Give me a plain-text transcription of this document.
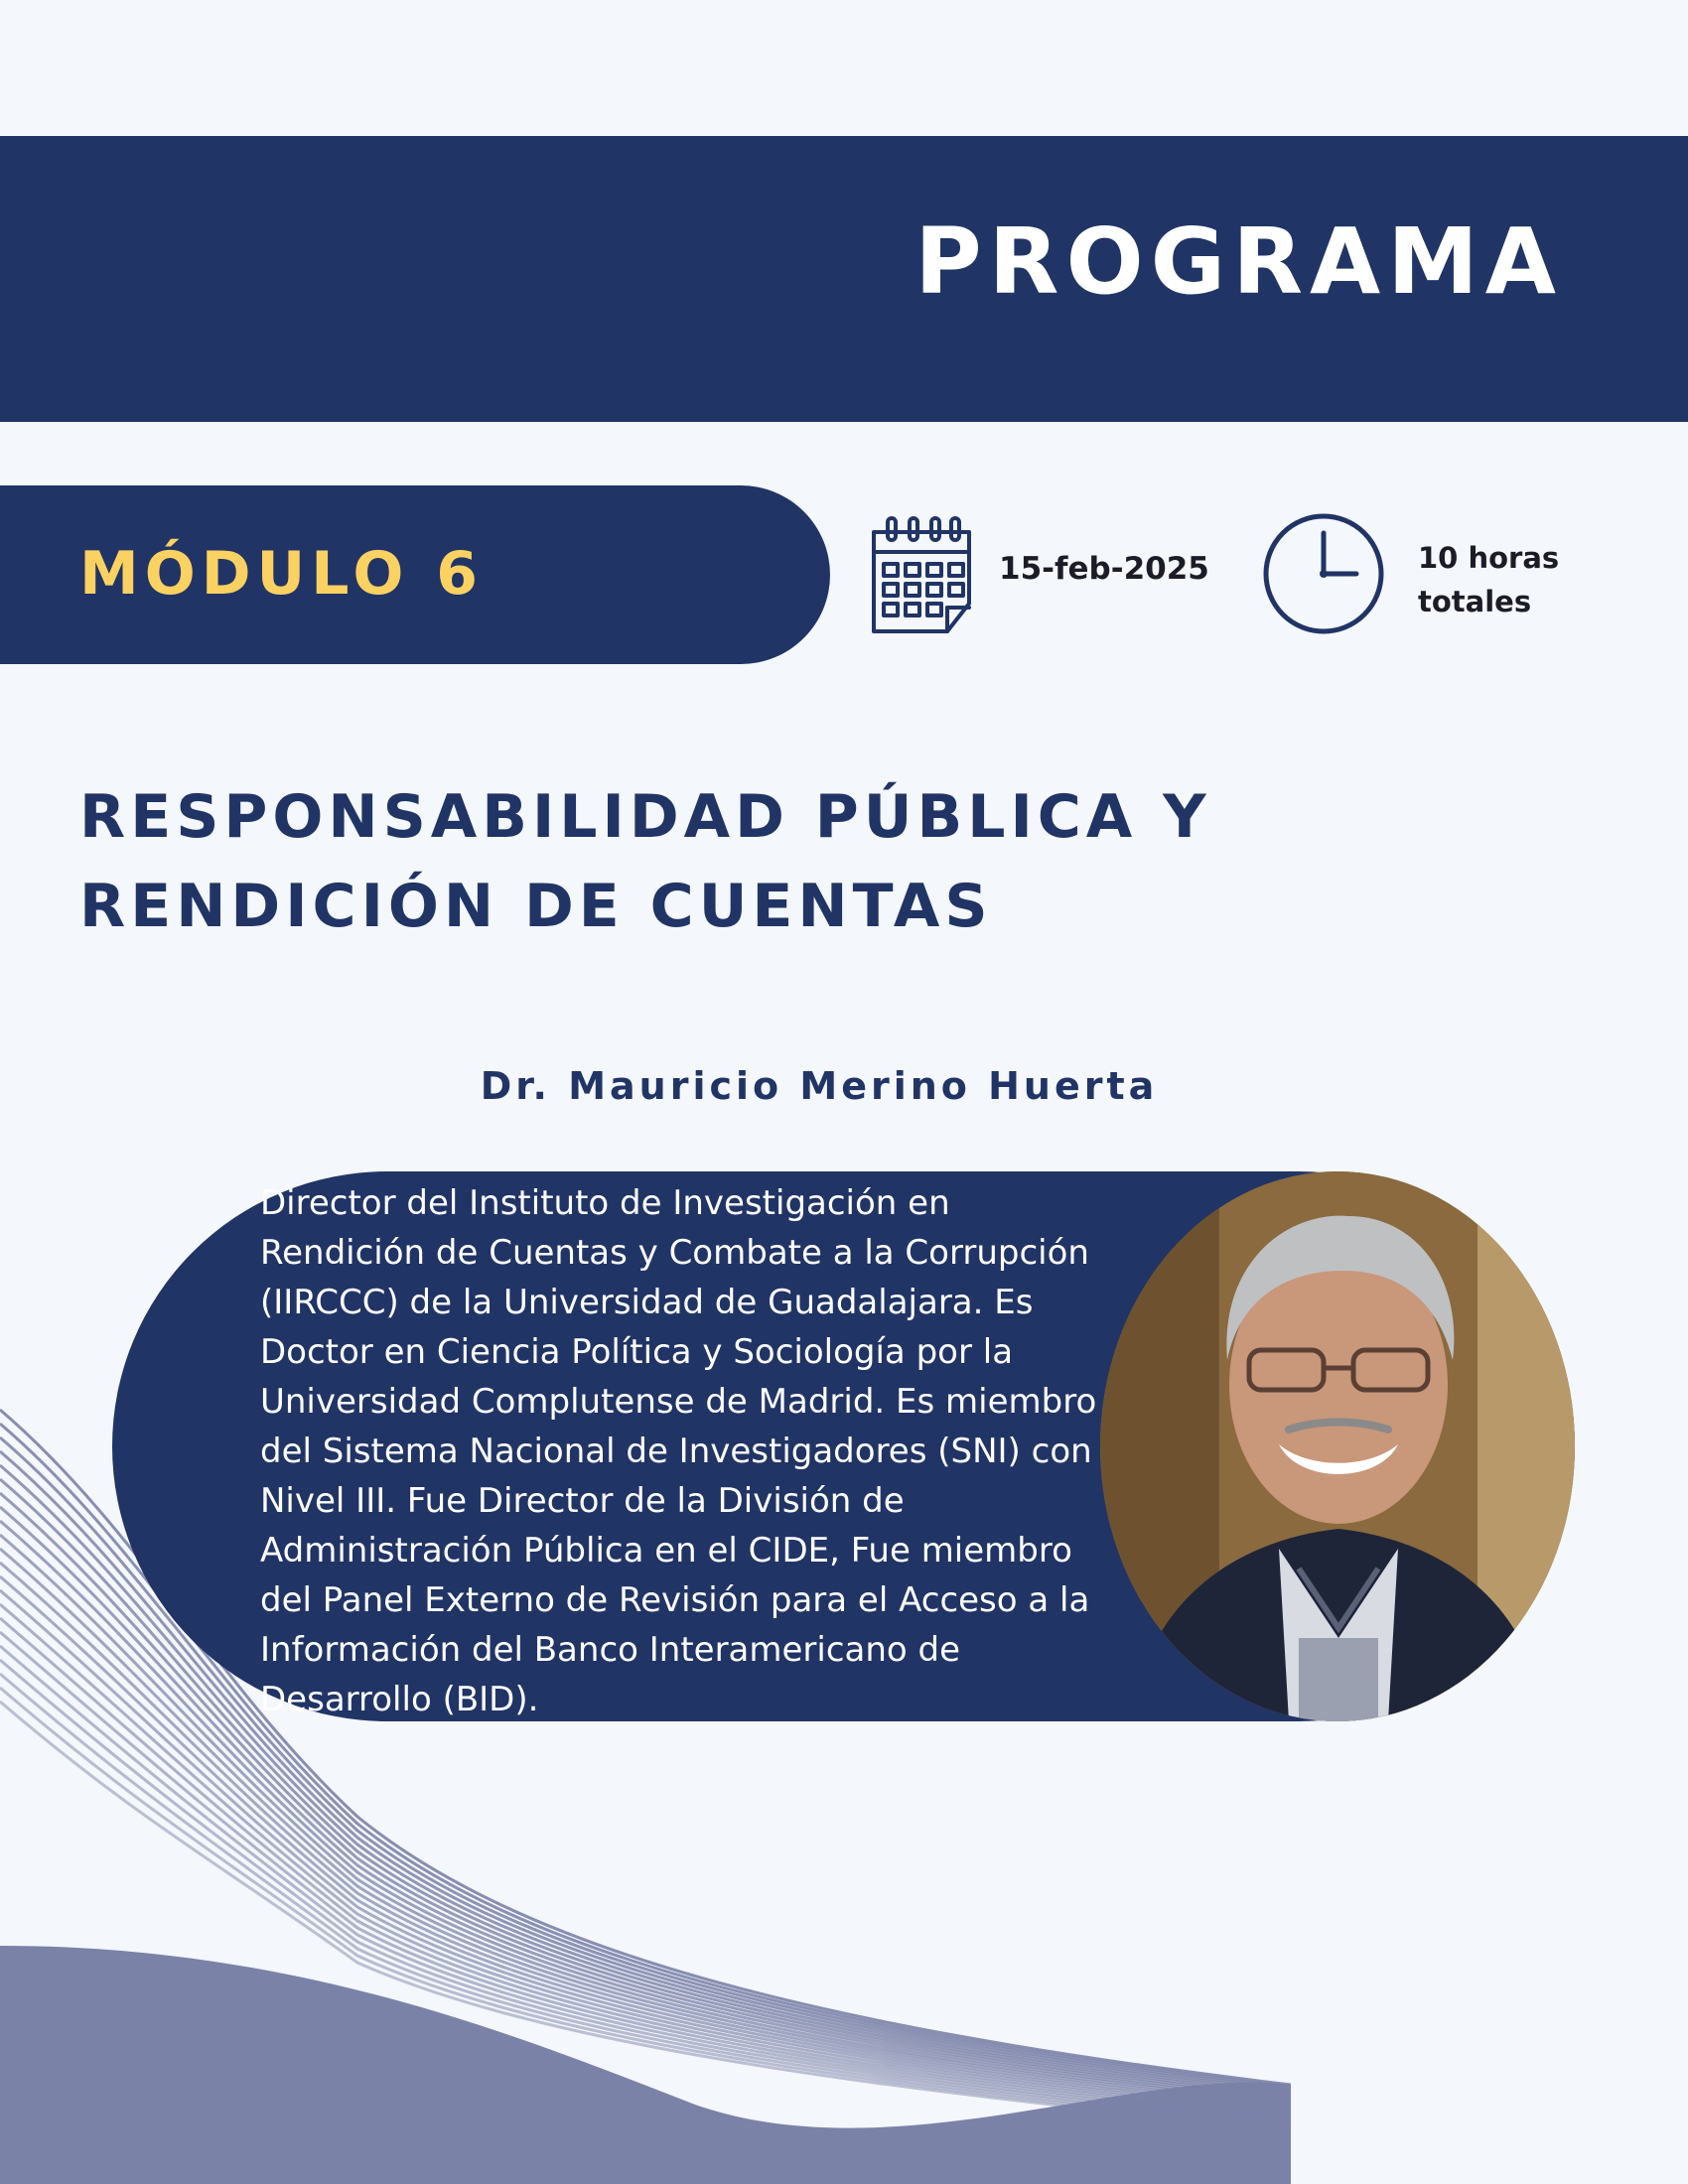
PROGRAMA
MÓDULO 6	15-feb-2025	10 horas totales
RESPONSABILIDAD PÚBLICA Y RENDICIÓN DE CUENTAS
Dr. Mauricio Merino Huerta
Director del Instituto de Investigación en Rendición de Cuentas y Combate a la Corrupción (IIRCCC) de la Universidad de Guadalajara. Es Doctor en Ciencia Política y Sociología por la Universidad Complutense de Madrid. Es miembro del Sistema Nacional de Investigadores (SNI) con Nivel III. Fue Director de la División de Administración Pública en el CIDE, Fue miembro del Panel Externo de Revisión para el Acceso a la Información del Banco Interamericano de Desarrollo (BID).
